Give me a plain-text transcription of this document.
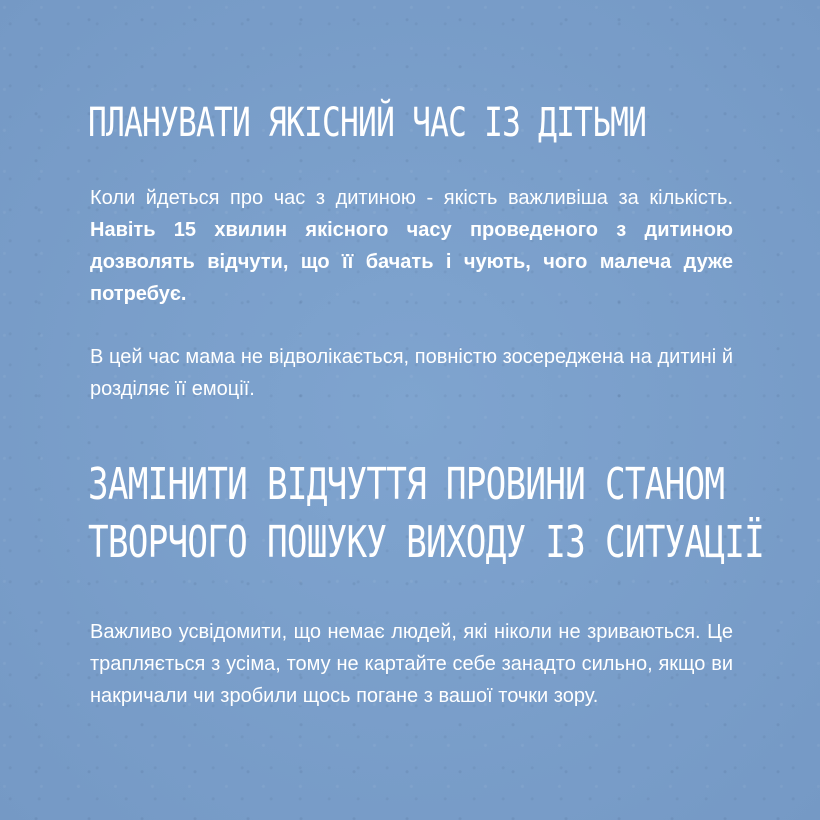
ПЛАНУВАТИ ЯКІСНИЙ ЧАС ІЗ ДІТЬМИ

Коли йдеться про час з дитиною - якість важливіша за кількість. Навіть 15 хвилин якісного часу проведеного з дитиною дозволять відчути, що її бачать і чують, чого малеча дуже потребує.

В цей час мама не відволікається, повністю зосереджена на дитині й розділяє її емоції.

ЗАМІНИТИ ВІДЧУТТЯ ПРОВИНИ СТАНОМ
ТВОРЧОГО ПОШУКУ ВИХОДУ ІЗ СИТУАЦІЇ

Важливо усвідомити, що немає людей, які ніколи не зриваються. Це трапляється з усіма, тому не картайте себе занадто сильно, якщо ви накричали чи зробили щось погане з вашої точки зору.
